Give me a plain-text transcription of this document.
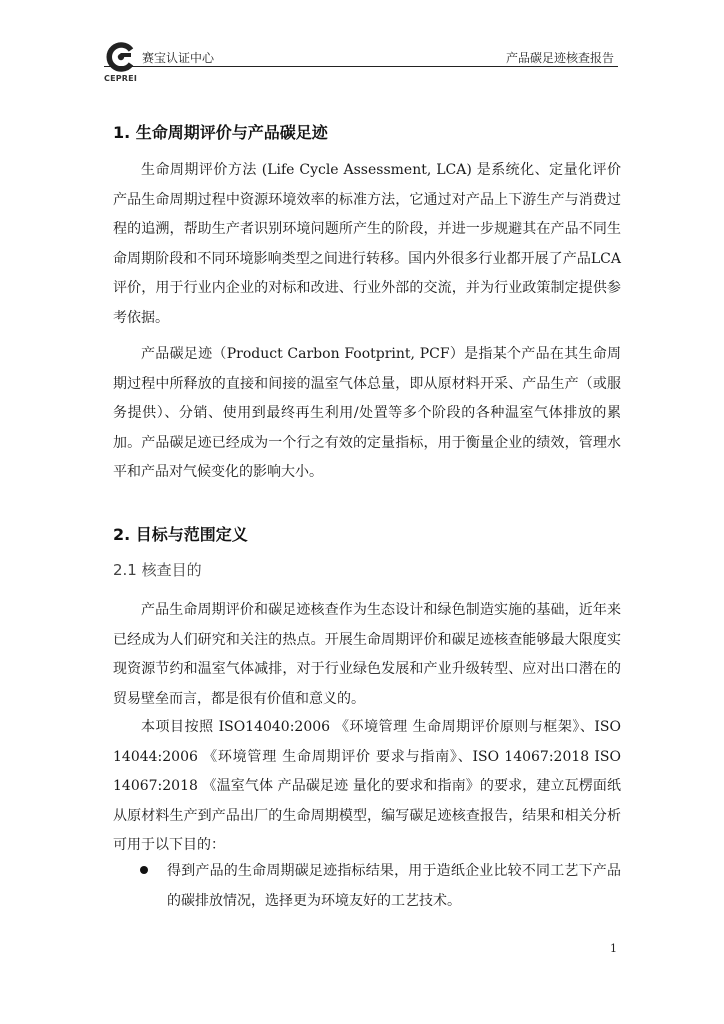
赛宝认证中心
CEPREI
产品碳足迹核查报告
1. 生命周期评价与产品碳足迹

生命周期评价方法 (Life Cycle Assessment, LCA) 是系统化、定量化评价产品生命周期过程中资源环境效率的标准方法，它通过对产品上下游生产与消费过程的追溯，帮助生产者识别环境问题所产生的阶段，并进一步规避其在产品不同生命周期阶段和不同环境影响类型之间进行转移。国内外很多行业都开展了产品LCA评价，用于行业内企业的对标和改进、行业外部的交流，并为行业政策制定提供参考依据。

产品碳足迹（Product Carbon Footprint, PCF）是指某个产品在其生命周期过程中所释放的直接和间接的温室气体总量，即从原材料开采、产品生产（或服务提供）、分销、使用到最终再生利用/处置等多个阶段的各种温室气体排放的累加。产品碳足迹已经成为一个行之有效的定量指标，用于衡量企业的绩效，管理水平和产品对气候变化的影响大小。

2. 目标与范围定义
2.1 核查目的

产品生命周期评价和碳足迹核查作为生态设计和绿色制造实施的基础，近年来已经成为人们研究和关注的热点。开展生命周期评价和碳足迹核查能够最大限度实现资源节约和温室气体减排，对于行业绿色发展和产业升级转型、应对出口潜在的贸易壁垒而言，都是很有价值和意义的。

本项目按照 ISO14040:2006 《环境管理 生命周期评价原则与框架》、ISO 14044:2006 《环境管理 生命周期评价 要求与指南》、ISO 14067:2018 ISO 14067:2018 《温室气体 产品碳足迹 量化的要求和指南》的要求，建立瓦楞面纸从原材料生产到产品出厂的生命周期模型，编写碳足迹核查报告，结果和相关分析可用于以下目的：

得到产品的生命周期碳足迹指标结果，用于造纸企业比较不同工艺下产品的碳排放情况，选择更为环境友好的工艺技术。

1
